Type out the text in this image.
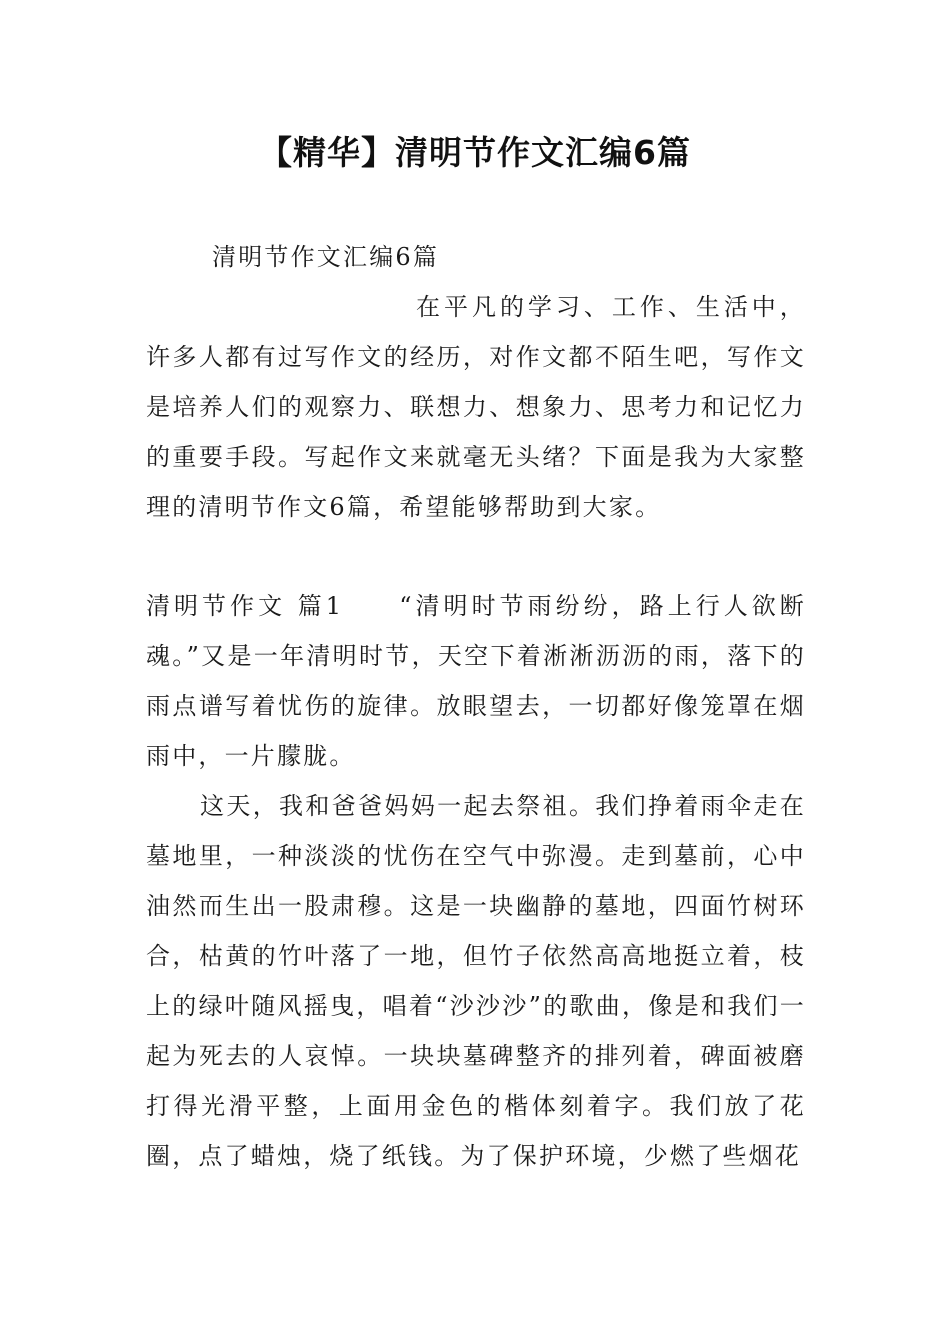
【精华】清明节作文汇编6篇
清明节作文汇编6篇
在平凡的学习、工作、生活中，许多人都有过写作文的经历，对作文都不陌生吧，写作文是培养人们的观察力、联想力、想象力、思考力和记忆力的重要手段。写起作文来就毫无头绪？下面是我为大家整理的清明节作文6篇，希望能够帮助到大家。
清明节作文 篇1 “清明时节雨纷纷，路上行人欲断魂。”又是一年清明时节，天空下着淅淅沥沥的雨，落下的雨点谱写着忧伤的旋律。放眼望去，一切都好像笼罩在烟雨中，一片朦胧。
这天，我和爸爸妈妈一起去祭祖。我们挣着雨伞走在墓地里，一种淡淡的忧伤在空气中弥漫。走到墓前，心中油然而生出一股肃穆。这是一块幽静的墓地，四面竹树环合，枯黄的竹叶落了一地，但竹子依然高高地挺立着，枝上的绿叶随风摇曳，唱着“沙沙沙”的歌曲，像是和我们一起为死去的人哀悼。一块块墓碑整齐的排列着，碑面被磨打得光滑平整，上面用金色的楷体刻着字。我们放了花圈，点了蜡烛，烧了纸钱。为了保护环境，少燃了些烟花
